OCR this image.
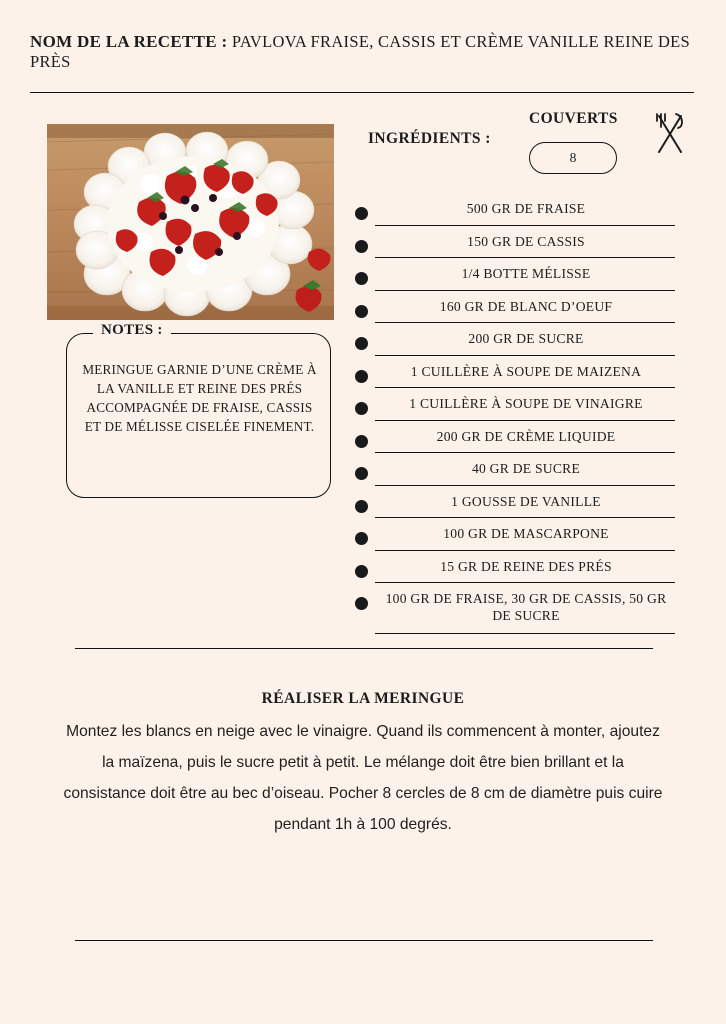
NOM DE LA RECETTE : PAVLOVA FRAISE, CASSIS ET CRÈME VANILLE REINE DES PRÈS
NOTES :
MERINGUE GARNIE D’UNE CRÈME À LA VANILLE ET REINE DES PRÉS ACCOMPAGNÉE DE FRAISE, CASSIS ET DE MÉLISSE CISELÉE FINEMENT.
INGRÉDIENTS :
COUVERTS
8
500 GR DE FRAISE
150 GR DE CASSIS
1/4 BOTTE MÉLISSE
160 GR DE BLANC D’OEUF
200 GR DE SUCRE
1 CUILLÈRE À SOUPE DE MAIZENA
1 CUILLÈRE À SOUPE DE VINAIGRE
200 GR DE CRÈME LIQUIDE
40 GR DE SUCRE
1 GOUSSE DE VANILLE
100 GR DE MASCARPONE
15 GR DE REINE DES PRÉS
100 GR DE FRAISE, 30 GR DE CASSIS, 50 GR DE SUCRE
RÉALISER LA MERINGUE
Montez les blancs en neige avec le vinaigre. Quand ils commencent à monter, ajoutez la maïzena, puis le sucre petit à petit. Le mélange doit être bien brillant et la consistance doit être au bec d’oiseau. Pocher 8 cercles de 8 cm de diamètre puis cuire pendant 1h à 100 degrés.
